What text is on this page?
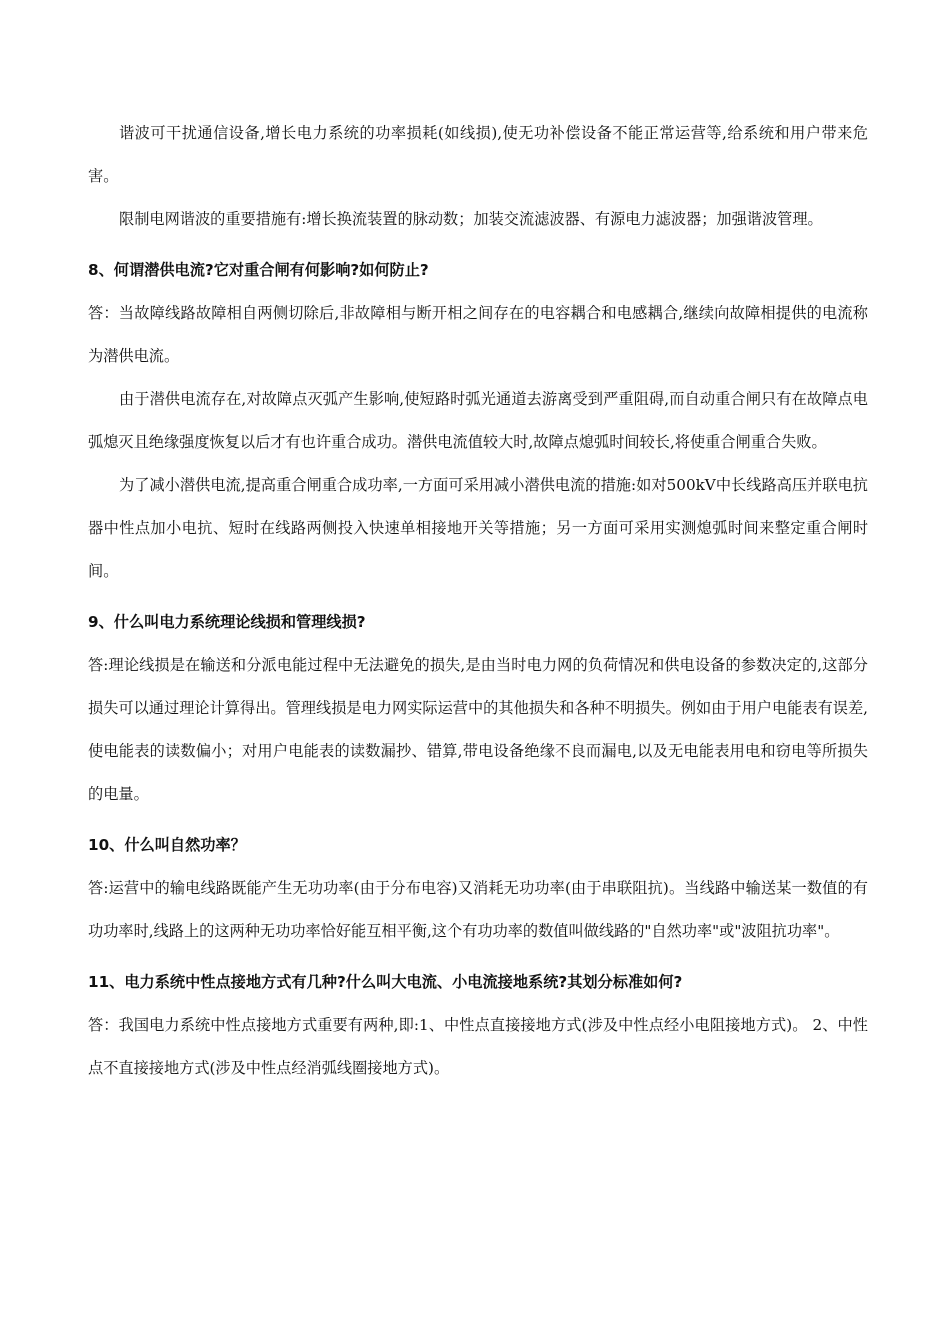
谐波可干扰通信设备,增长电力系统的功率损耗(如线损),使无功补偿设备不能正常运营等,给系统和用户带来危害。

限制电网谐波的重要措施有:增长换流装置的脉动数；加装交流滤波器、有源电力滤波器；加强谐波管理。

8、何谓潜供电流?它对重合闸有何影响?如何防止?

答：当故障线路故障相自两侧切除后,非故障相与断开相之间存在的电容耦合和电感耦合,继续向故障相提供的电流称为潜供电流。

由于潜供电流存在,对故障点灭弧产生影响,使短路时弧光通道去游离受到严重阻碍,而自动重合闸只有在故障点电弧熄灭且绝缘强度恢复以后才有也许重合成功。潜供电流值较大时,故障点熄弧时间较长,将使重合闸重合失败。

为了减小潜供电流,提高重合闸重合成功率,一方面可采用减小潜供电流的措施:如对500kV中长线路高压并联电抗器中性点加小电抗、短时在线路两侧投入快速单相接地开关等措施；另一方面可采用实测熄弧时间来整定重合闸时间。

9、什么叫电力系统理论线损和管理线损?

答:理论线损是在输送和分派电能过程中无法避免的损失,是由当时电力网的负荷情况和供电设备的参数决定的,这部分损失可以通过理论计算得出。管理线损是电力网实际运营中的其他损失和各种不明损失。例如由于用户电能表有误差,使电能表的读数偏小；对用户电能表的读数漏抄、错算,带电设备绝缘不良而漏电,以及无电能表用电和窃电等所损失的电量。

10、什么叫自然功率？

答:运营中的输电线路既能产生无功功率(由于分布电容)又消耗无功功率(由于串联阻抗)。当线路中输送某一数值的有功功率时,线路上的这两种无功功率恰好能互相平衡,这个有功功率的数值叫做线路的"自然功率"或"波阻抗功率"。

11、电力系统中性点接地方式有几种?什么叫大电流、小电流接地系统?其划分标准如何?

答：我国电力系统中性点接地方式重要有两种,即:1、中性点直接接地方式(涉及中性点经小电阻接地方式)。 2、中性点不直接接地方式(涉及中性点经消弧线圈接地方式)。
